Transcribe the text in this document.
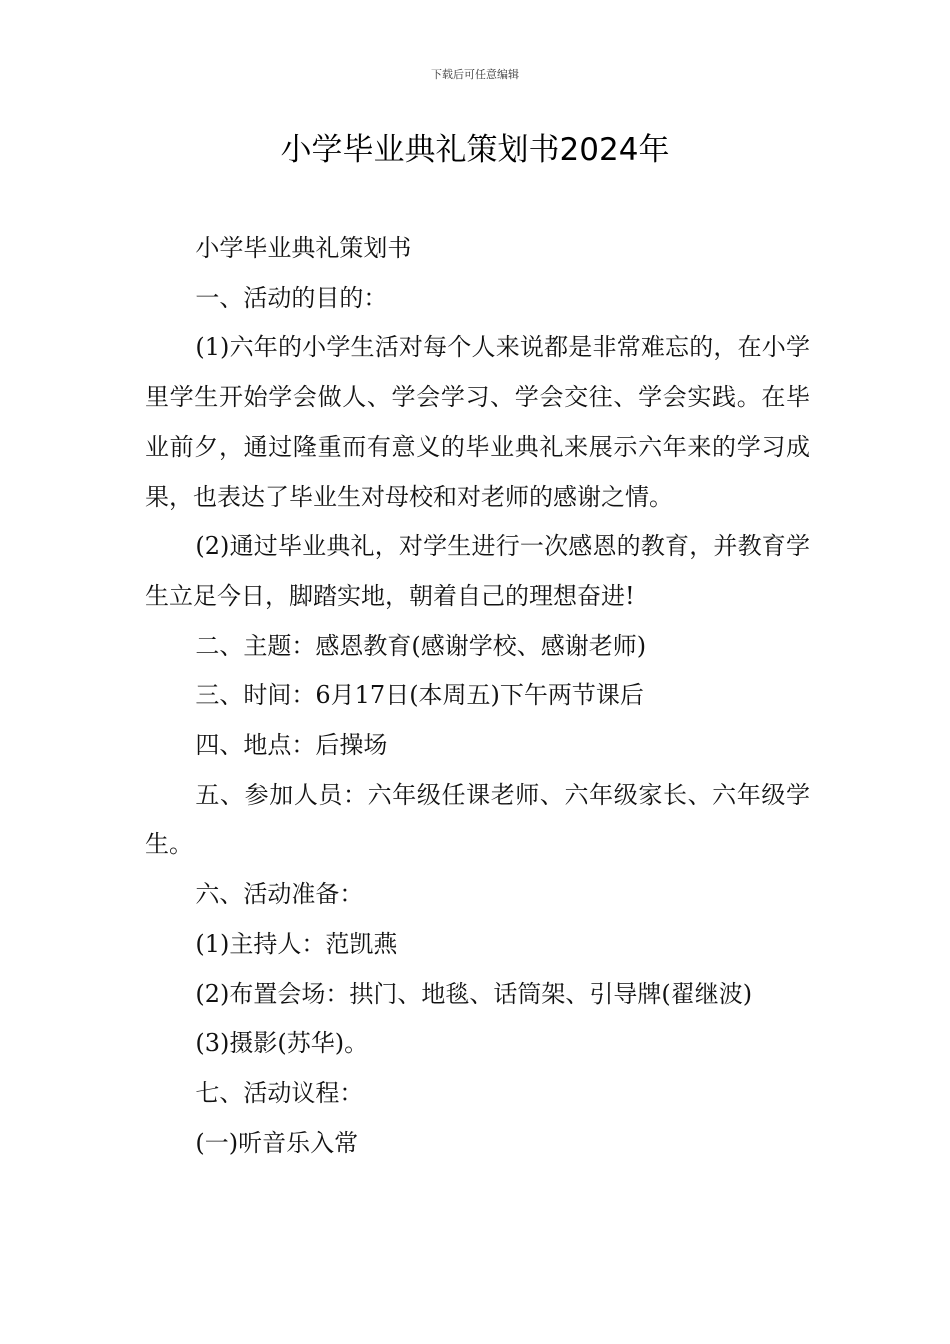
下载后可任意编辑
小学毕业典礼策划书2024年

小学毕业典礼策划书

一、活动的目的：

(1)六年的小学生活对每个人来说都是非常难忘的，在小学里学生开始学会做人、学会学习、学会交往、学会实践。在毕业前夕，通过隆重而有意义的毕业典礼来展示六年来的学习成果，也表达了毕业生对母校和对老师的感谢之情。

(2)通过毕业典礼，对学生进行一次感恩的教育，并教育学生立足今日，脚踏实地，朝着自己的理想奋进!

二、主题：感恩教育(感谢学校、感谢老师)

三、时间：6月17日(本周五)下午两节课后

四、地点：后操场

五、参加人员：六年级任课老师、六年级家长、六年级学生。

六、活动准备：

(1)主持人：范凯燕

(2)布置会场：拱门、地毯、话筒架、引导牌(翟继波)

(3)摄影(苏华)。

七、活动议程：

(一)听音乐入常
